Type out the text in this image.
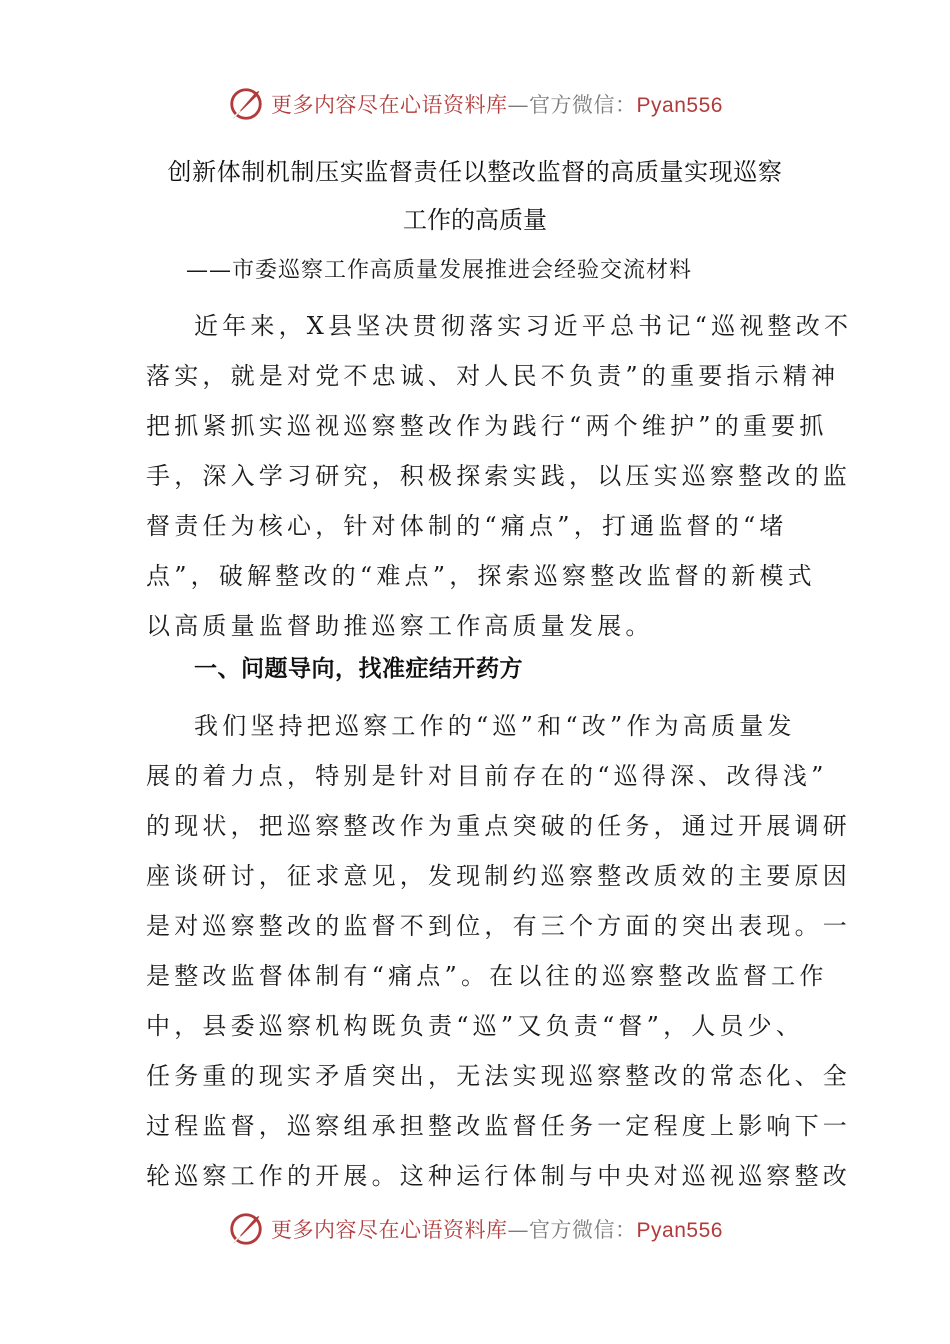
更多内容尽在心语资料库—官方微信：Pyan556
创新体制机制压实监督责任以整改监督的高质量实现巡察
工作的高质量
——市委巡察工作高质量发展推进会经验交流材料
近年来，X县坚决贯彻落实习近平总书记“巡视整改不
落实，就是对党不忠诚、对人民不负责”的重要指示精神
把抓紧抓实巡视巡察整改作为践行“两个维护”的重要抓
手，深入学习研究，积极探索实践，以压实巡察整改的监
督责任为核心，针对体制的“痛点”，打通监督的“堵
点”，破解整改的“难点”，探索巡察整改监督的新模式
以高质量监督助推巡察工作高质量发展。
一、问题导向，找准症结开药方
我们坚持把巡察工作的“巡”和“改”作为高质量发
展的着力点，特别是针对目前存在的“巡得深、改得浅”
的现状，把巡察整改作为重点突破的任务，通过开展调研
座谈研讨，征求意见，发现制约巡察整改质效的主要原因
是对巡察整改的监督不到位，有三个方面的突出表现。一
是整改监督体制有“痛点”。在以往的巡察整改监督工作
中，县委巡察机构既负责“巡”又负责“督”，人员少、
任务重的现实矛盾突出，无法实现巡察整改的常态化、全
过程监督，巡察组承担整改监督任务一定程度上影响下一
轮巡察工作的开展。这种运行体制与中央对巡视巡察整改
更多内容尽在心语资料库—官方微信：Pyan556
